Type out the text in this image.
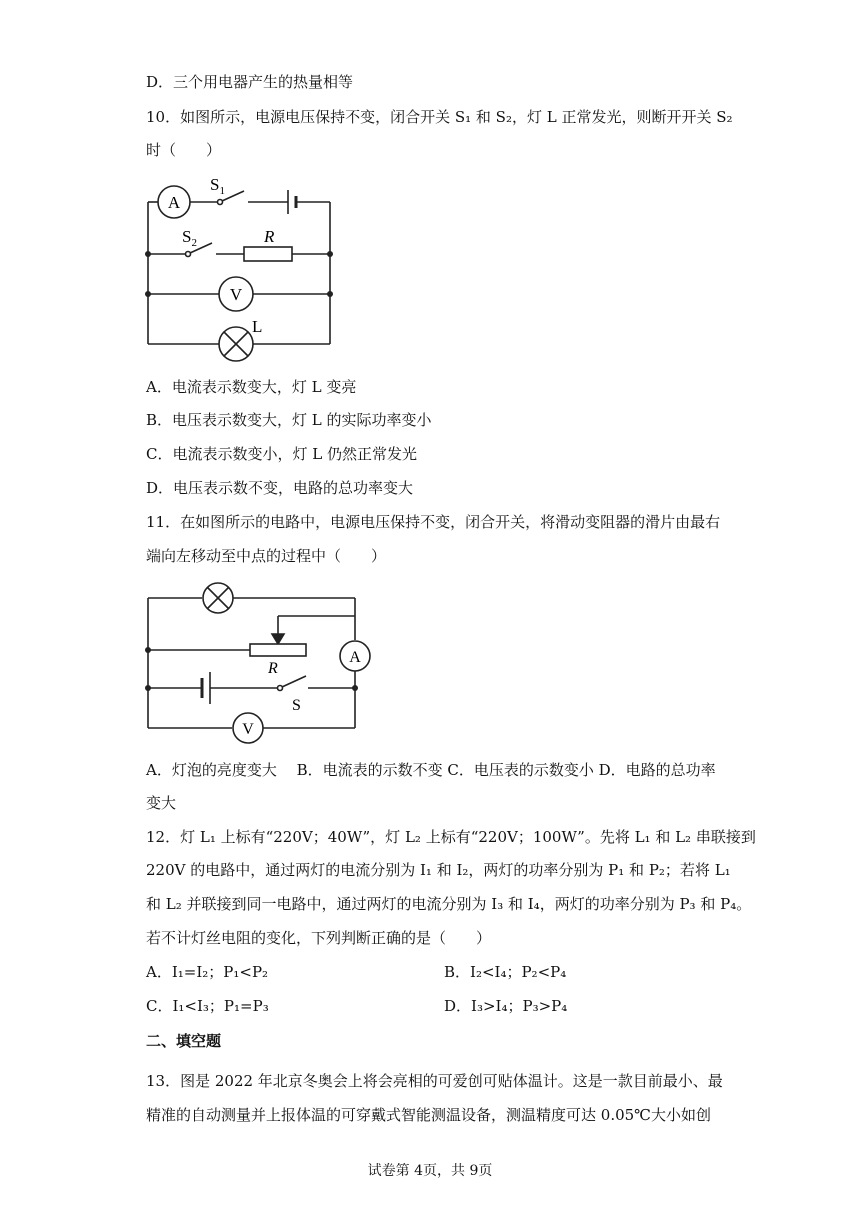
D．三个用电器产生的热量相等
10．如图所示，电源电压保持不变，闭合开关 S₁ 和 S₂，灯 L 正常发光，则断开开关 S₂
时（　　）
A
V
$S_1$
$S_2$	R
L
A．电流表示数变大，灯 L 变亮
B．电压表示数变大，灯 L 的实际功率变小
C．电流表示数变小，灯 L 仍然正常发光
D．电压表示数不变，电路的总功率变大
11．在如图所示的电路中，电源电压保持不变，闭合开关，将滑动变阻器的滑片由最右
端向左移动至中点的过程中（　　）
R
A
S
V
A．灯泡的亮度变大　 B．电流表的示数不变 C．电压表的示数变小 D．电路的总功率
变大
12．灯 L₁ 上标有“220V；40W”，灯 L₂ 上标有“220V；100W”。先将 L₁ 和 L₂ 串联接到
220V 的电路中，通过两灯的电流分别为 I₁ 和 I₂，两灯的功率分别为 P₁ 和 P₂；若将 L₁
和 L₂ 并联接到同一电路中，通过两灯的电流分别为 I₃ 和 I₄，两灯的功率分别为 P₃ 和 P₄。
若不计灯丝电阻的变化，下列判断正确的是（　　）
A．I₁=I₂；P₁<P₂	B．I₂<I₄；P₂<P₄
C．I₁<I₃；P₁=P₃	D．I₃>I₄；P₃>P₄
二、填空题
13．图是 2022 年北京冬奥会上将会亮相的可爱创可贴体温计。这是一款目前最小、最
精准的自动测量并上报体温的可穿戴式智能测温设备，测温精度可达 0.05℃大小如创
试卷第 4页，共 9页
